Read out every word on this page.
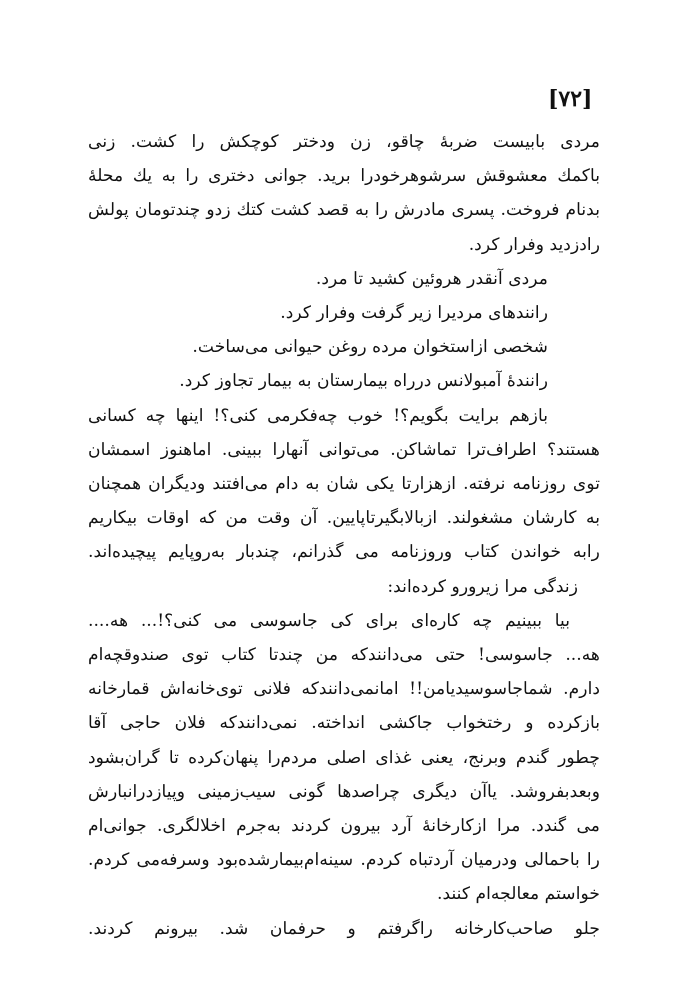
[۷۲]
مردی بابیست ضربهٔ چاقو، زن ودختر کوچکش را کشت. زنی
باکمك معشوقش سرشوهرخودرا برید. جوانی دختری را به یك محلهٔ
بدنام فروخت. پسری مادرش را به قصد کشت کتك زدو چندتومان پولش
رادزدید وفرار کرد.
مردی آنقدر هروئین کشید تا مرد.
رانندهای مردیرا زیر گرفت وفرار کرد.
شخصی ازاستخوان مرده روغن حیوانی می‌ساخت.
رانندهٔ آمبولانس درراه بیمارستان به بیمار تجاوز کرد.
بازهم برایت بگویم؟! خوب چه‌فکرمی کنی؟! اینها چه کسانی
هستند؟ اطراف‌ترا تماشاکن. می‌توانی آنهارا ببینی. اماهنوز اسمشان
توی روزنامه نرفته. ازهزارتا یکی شان به دام می‌افتند ودیگران همچنان
به کارشان مشغولند. ازبالابگیرتاپایین. آن وقت من که اوقات بیکاریم
رابه خواندن کتاب وروزنامه می گذرانم، چندبار به‌رو‌پایم پیچیده‌اند.
زندگی مرا زیرورو کرده‌اند:
بیا ببینیم چه کاره‌ای برای کی جاسوسی می کنی؟!... هه....
هه... جاسوسی! حتی می‌دانندکه من چندتا کتاب توی صندوقچه‌ام
دارم. شماجاسوسیدیامن!! امانمی‌دانندکه فلانی توی‌خانه‌اش قمارخانه
بازکرده و رختخواب جاکشی انداخته. نمی‌دانندکه فلان حاجی آقا
چطور گندم وبرنج، یعنی غذای اصلی مردم‌را پنهان‌کرده تا گران‌بشود
وبعدبفروشد. یاآن دیگری چراصدها گونی سیب‌زمینی وپیازدرانبارش
می گندد. مرا ازکارخانهٔ آرد بیرون کردند به‌جرم اخلالگری. جوانی‌ام
را باحمالی ودرمیان آردتباه کردم. سینه‌ام‌بیمارشده‌بود وسرفه‌می کردم.
خواستم معالجه‌ام کنند.
جلو صاحب‌کارخانه راگرفتم و حرفمان شد. بیرونم کردند.
